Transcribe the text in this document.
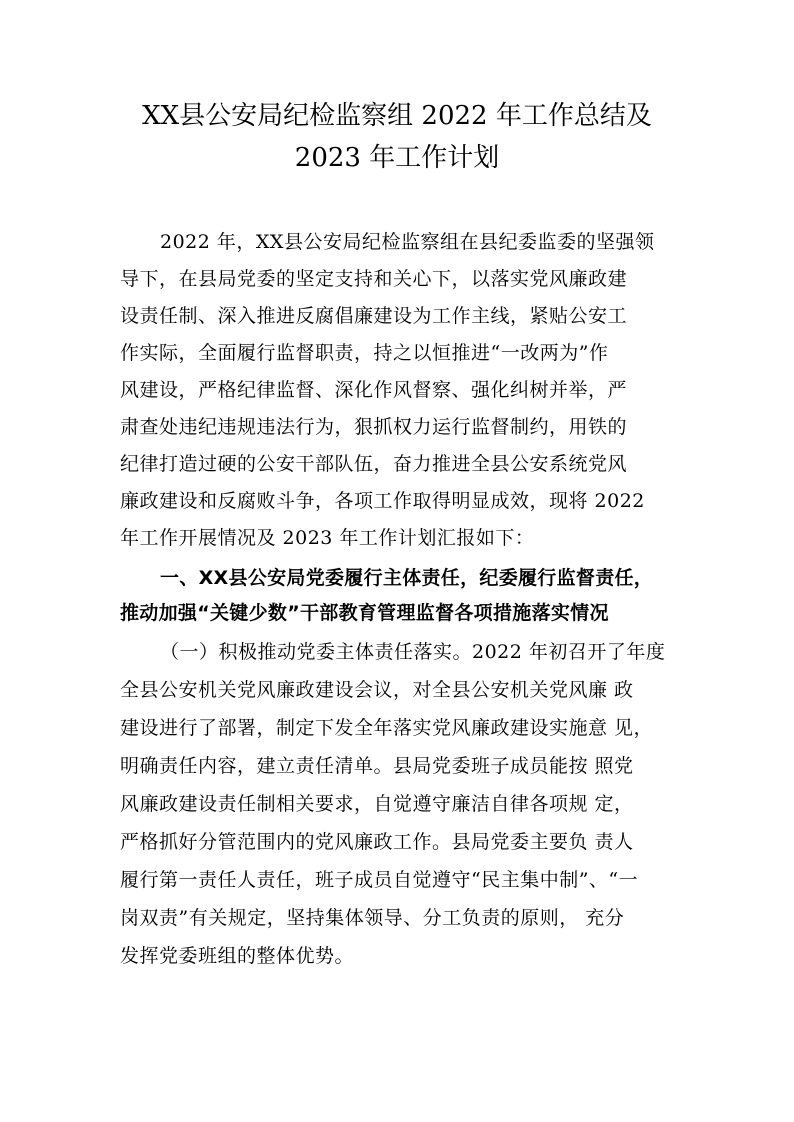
XX县公安局纪检监察组 2022 年工作总结及
2023 年工作计划
2022 年，XX县公安局纪检监察组在县纪委监委的坚强领
导下，在县局党委的坚定支持和关心下，以落实党风廉政建
设责任制、深入推进反腐倡廉建设为工作主线，紧贴公安工
作实际，全面履行监督职责，持之以恒推进“一改两为”作
风建设，严格纪律监督、深化作风督察、强化纠树并举，严
肃查处违纪违规违法行为，狠抓权力运行监督制约，用铁的
纪律打造过硬的公安干部队伍，奋力推进全县公安系统党风
廉政建设和反腐败斗争，各项工作取得明显成效，现将 2022
年工作开展情况及 2023 年工作计划汇报如下：
一、XX县公安局党委履行主体责任，纪委履行监督责任，
推动加强“关键少数”干部教育管理监督各项措施落实情况
（一）积极推动党委主体责任落实。2022 年初召开了年度
全县公安机关党风廉政建设会议，对全县公安机关党风廉 政
建设进行了部署，制定下发全年落实党风廉政建设实施意 见，
明确责任内容，建立责任清单。县局党委班子成员能按 照党
风廉政建设责任制相关要求，自觉遵守廉洁自律各项规 定，
严格抓好分管范围内的党风廉政工作。县局党委主要负 责人
履行第一责任人责任，班子成员自觉遵守“民主集中制”、“一
岗双责”有关规定，坚持集体领导、分工负责的原则， 充分
发挥党委班组的整体优势。
